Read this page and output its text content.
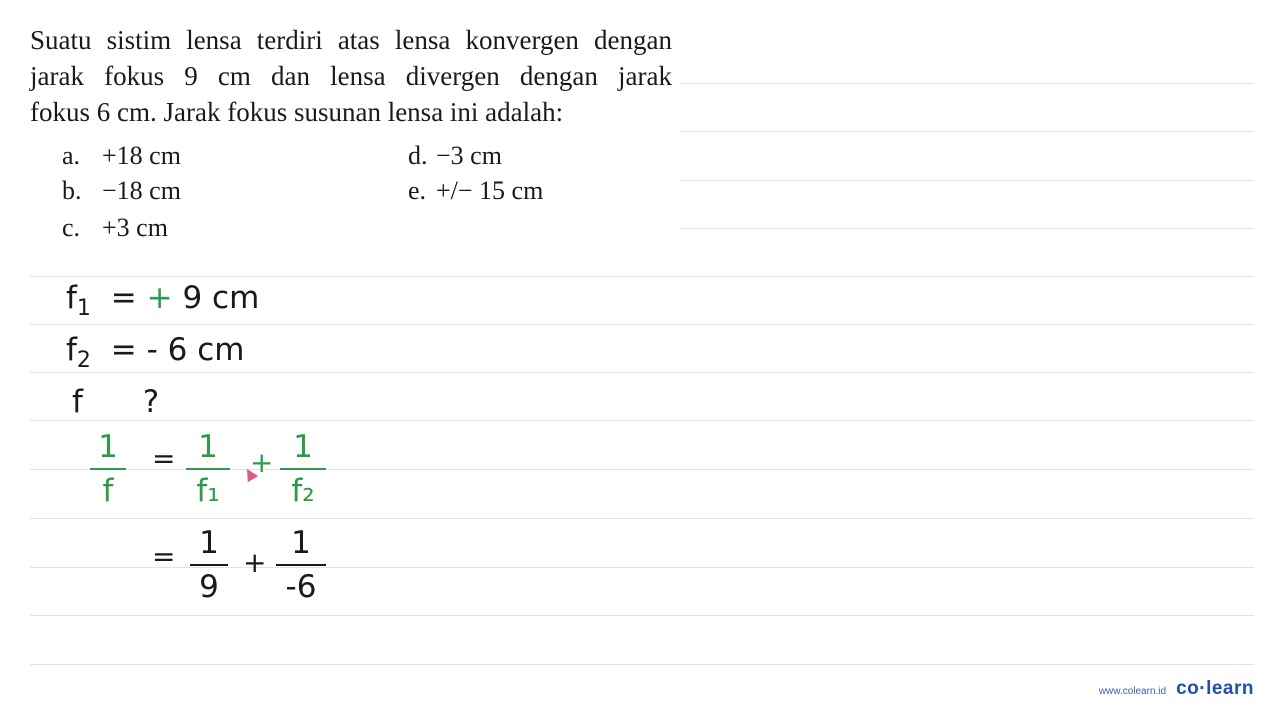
Suatu sistim lensa terdiri atas lensa konvergen dengan
jarak fokus 9 cm dan lensa divergen dengan jarak
fokus 6 cm. Jarak fokus susunan lensa ini adalah:
a. +18 cm
b. −18 cm
c. +3 cm
d. −3 cm
e. +/− 15 cm
$f_1$ = + 9 cm
$f_2$ = - 6 cm
f ?
1
f
= 1
f₁
+ 1
f₂
= 1
9
+
1
-6
www.colearn.id co·learn
